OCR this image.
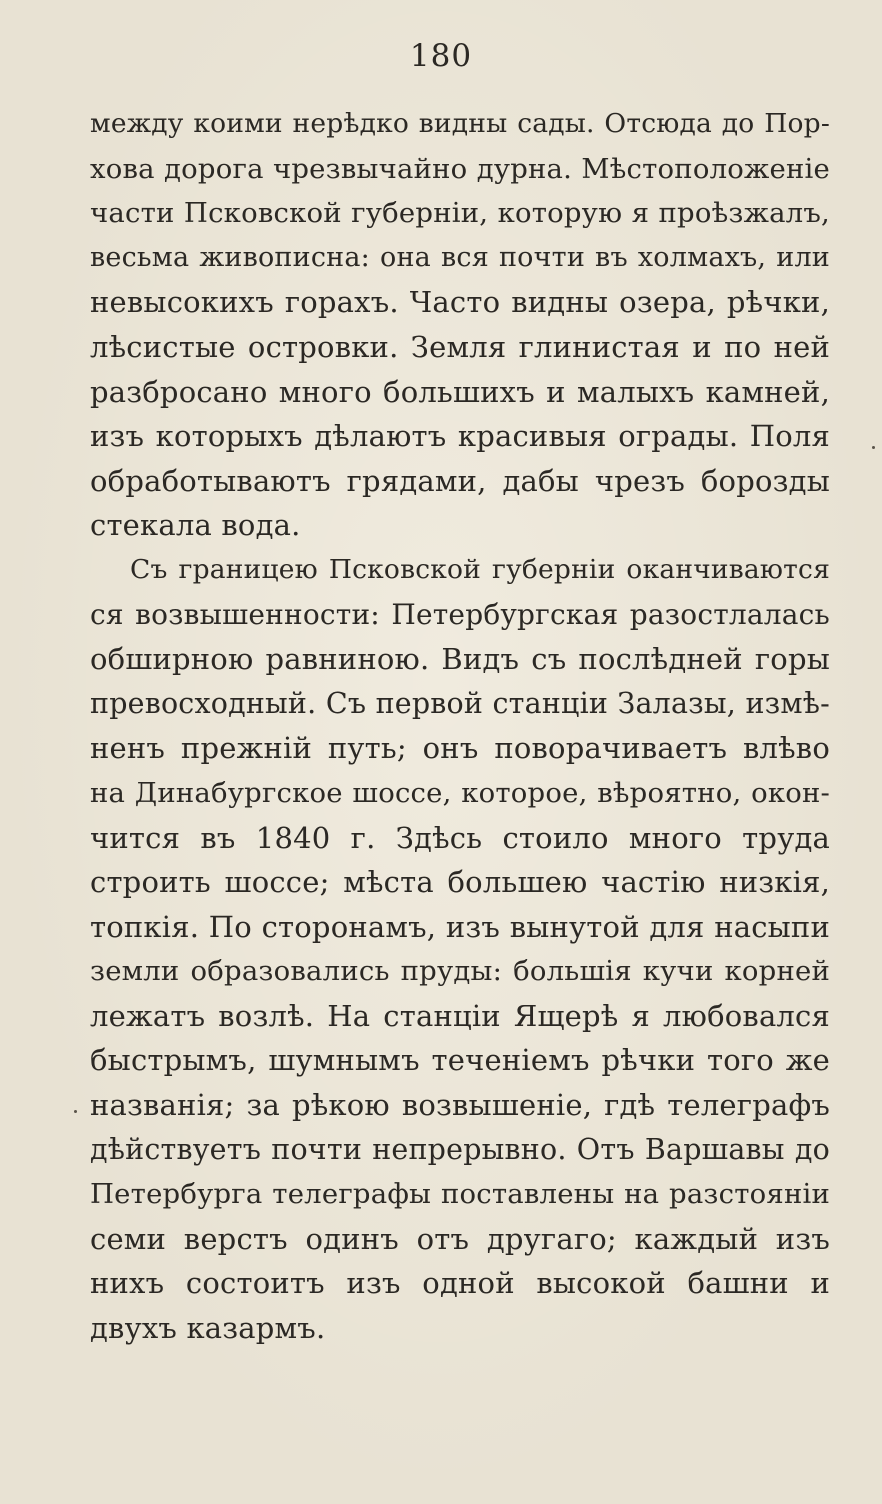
180
между коими нерѣдко видны сады. Отсюда до Пор-
хова дорога чрезвычайно дурна. Мѣстоположеніе
части Псковской губерніи, которую я проѣзжалъ,
весьма живописна: она вся почти въ холмахъ, или
невысокихъ горахъ. Часто видны озера, рѣчки,
лѣсистые островки. Земля глинистая и по ней
разбросано много большихъ и малыхъ камней,
изъ которыхъ дѣлаютъ красивыя ограды. Поля
обработываютъ грядами, дабы чрезъ борозды
стекала вода.
Съ границею Псковской губерніи оканчиваются
ся возвышенности: Петербургская разостлалась
обширною равниною. Видъ съ послѣдней горы
превосходный. Съ первой станціи Залазы, измѣ-
ненъ прежній путь; онъ поворачиваетъ влѣво
на Динабургское шоссе, которое, вѣроятно, окон-
чится въ 1840 г. Здѣсь стоило много труда
строить шоссе; мѣста большею частію низкія,
топкія. По сторонамъ, изъ вынутой для насыпи
земли образовались пруды: большія кучи корней
лежатъ возлѣ. На станціи Ящерѣ я любовался
быстрымъ, шумнымъ теченіемъ рѣчки того же
названія; за рѣкою возвышеніе, гдѣ телеграфъ
дѣйствуетъ почти непрерывно. Отъ Варшавы до
Петербурга телеграфы поставлены на разстояніи
семи верстъ одинъ отъ другаго; каждый изъ
нихъ состоитъ изъ одной высокой башни и
двухъ казармъ.
